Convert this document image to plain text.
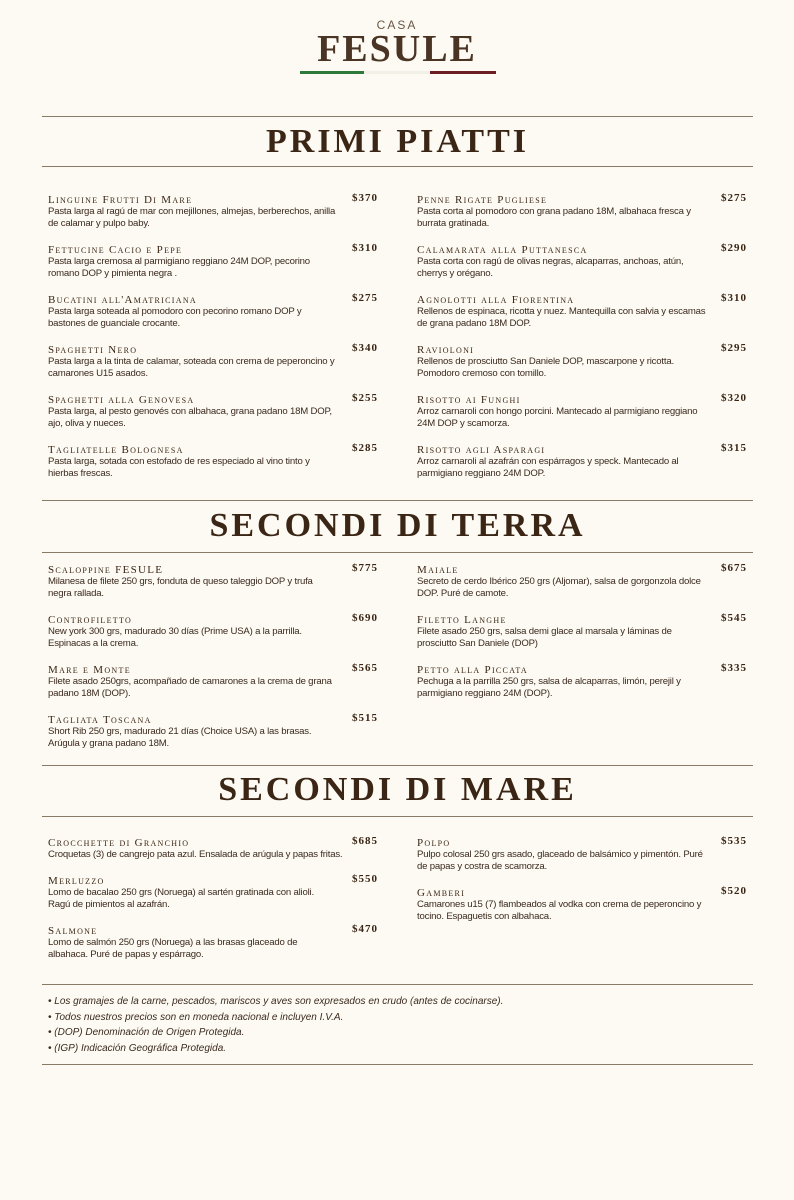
CASA
FESULE
PRIMI PIATTI
Linguine Frutti Di Mare
Pasta larga al ragú de mar con mejillones, almejas, berberechos, anilla de calamar y pulpo baby.
$370
Fettucine Cacio e Pepe
Pasta larga cremosa al parmigiano reggiano 24M DOP, pecorino romano DOP y pimienta negra .
$310
Bucatini all'Amatriciana
Pasta larga soteada al pomodoro con pecorino romano DOP y bastones de guanciale crocante.
$275
Spaghetti Nero
Pasta larga a la tinta de calamar, soteada con crema de peperoncino y camarones U15 asados.
$340
Spaghetti alla Genovesa
Pasta larga, al pesto genovés con albahaca, grana padano 18M DOP, ajo, oliva y nueces.
$255
Tagliatelle Bolognesa
Pasta larga, sotada con estofado de res especiado al vino tinto y hierbas frescas.
$285
Penne Rigate Pugliese
Pasta corta al pomodoro con grana padano 18M, albahaca fresca y burrata gratinada.
$275
Calamarata alla Puttanesca
Pasta corta con ragú de olivas negras, alcaparras, anchoas, atún, cherrys y orégano.
$290
Agnolotti alla Fiorentina
Rellenos de espinaca, ricotta y nuez. Mantequilla con salvia y escamas de grana padano 18M DOP.
$310
Ravioloni
Rellenos de prosciutto San Daniele DOP, mascarpone y ricotta. Pomodoro cremoso con tomillo.
$295
Risotto ai Funghi
Arroz carnaroli con hongo porcini. Mantecado al parmigiano reggiano 24M DOP y scamorza.
$320
Risotto agli Asparagi
Arroz carnaroli al azafrán con espárragos y speck. Mantecado al parmigiano reggiano 24M DOP.
$315
SECONDI DI TERRA
Scaloppine FESULE
Milanesa de filete 250 grs, fonduta de queso taleggio DOP y trufa negra rallada.
$775
Controfiletto
New york 300 grs, madurado 30 días (Prime USA) a la parrilla. Espinacas a la crema.
$690
Mare e Monte
Filete asado 250grs, acompañado de camarones a la crema de grana padano 18M (DOP).
$565
Tagliata Toscana
Short Rib 250 grs, madurado 21 días (Choice USA) a las brasas. Arúgula y grana padano 18M.
$515
Maiale
Secreto de cerdo Ibérico 250 grs (Aljomar), salsa de gorgonzola dolce DOP. Puré de camote.
$675
Filetto Langhe
Filete asado 250 grs, salsa demi glace al marsala y láminas de prosciutto San Daniele (DOP)
$545
Petto alla Piccata
Pechuga a la parrilla 250 grs, salsa de alcaparras, limón, perejil y parmigiano reggiano 24M (DOP).
$335
SECONDI DI MARE
Crocchette di Granchio
Croquetas (3) de cangrejo pata azul. Ensalada de arúgula y papas fritas.
$685
Merluzzo
Lomo de bacalao 250 grs (Noruega) al sartén gratinada con alioli. Ragú de pimientos al azafrán.
$550
Salmone
Lomo de salmón 250 grs (Noruega) a las brasas glaceado de albahaca. Puré de papas y espárrago.
$470
Polpo
Pulpo colosal 250 grs asado, glaceado de balsámico y pimentón. Puré de papas y costra de scamorza.
$535
Gamberi
Camarones u15 (7) flambeados al vodka con crema de peperoncino y tocino. Espaguetis con albahaca.
$520
• Los gramajes de la carne, pescados, mariscos y aves son expresados en crudo (antes de cocinarse).
• Todos nuestros precios son en moneda nacional e incluyen I.V.A.
• (DOP) Denominación de Origen Protegida.
• (IGP) Indicación Geográfica Protegida.
